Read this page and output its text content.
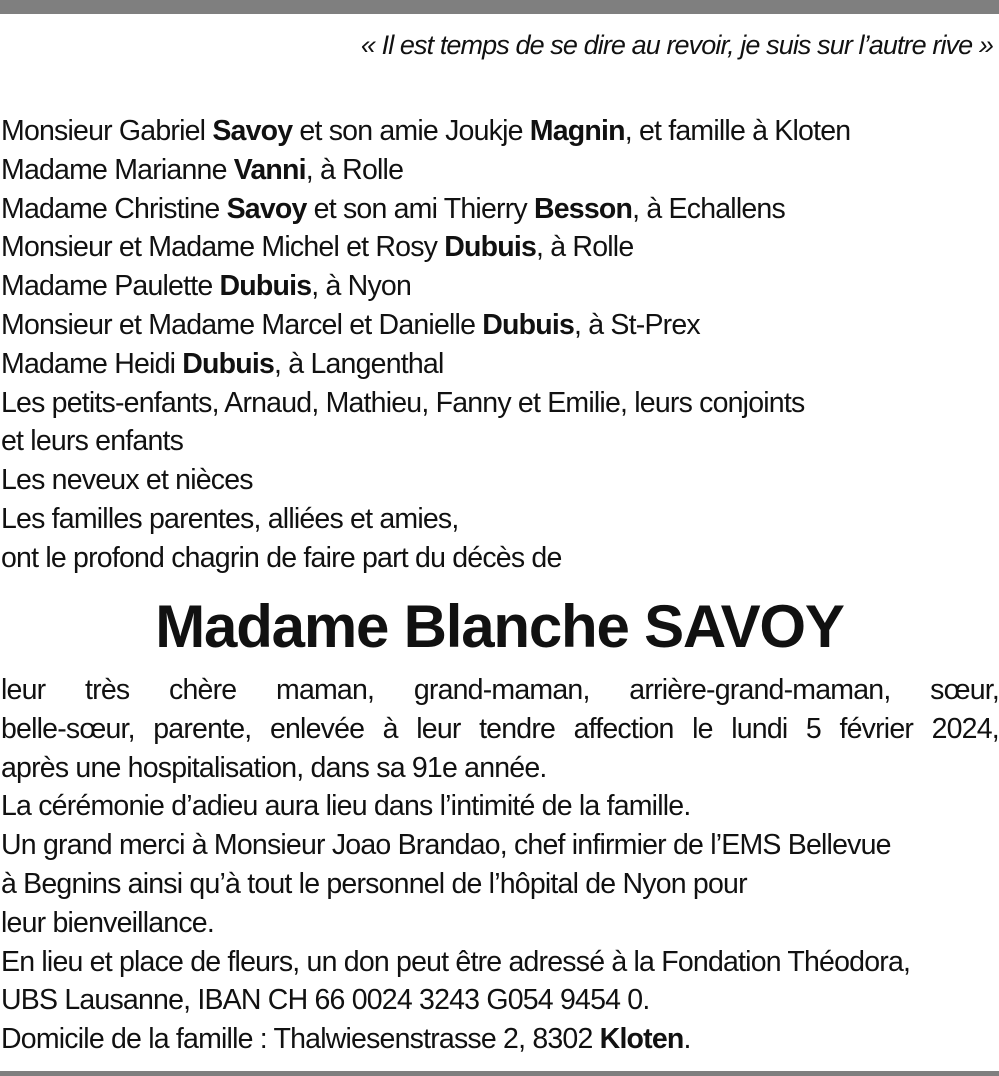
« Il est temps de se dire au revoir, je suis sur l’autre rive »
Monsieur Gabriel Savoy et son amie Joukje Magnin, et famille à Kloten
Madame Marianne Vanni, à Rolle
Madame Christine Savoy et son ami Thierry Besson, à Echallens
Monsieur et Madame Michel et Rosy Dubuis, à Rolle
Madame Paulette Dubuis, à Nyon
Monsieur et Madame Marcel et Danielle Dubuis, à St-Prex
Madame Heidi Dubuis, à Langenthal
Les petits-enfants, Arnaud, Mathieu, Fanny et Emilie, leurs conjoints
et leurs enfants
Les neveux et nièces
Les familles parentes, alliées et amies,
ont le profond chagrin de faire part du décès de
Madame Blanche SAVOY
leur très chère maman, grand-maman, arrière-grand-maman, sœur,
belle-sœur, parente, enlevée à leur tendre affection le lundi 5 février 2024,
après une hospitalisation, dans sa 91e année.
La cérémonie d’adieu aura lieu dans l’intimité de la famille.
Un grand merci à Monsieur Joao Brandao, chef infirmier de l’EMS Bellevue
à Begnins ainsi qu’à tout le personnel de l’hôpital de Nyon pour
leur bienveillance.
En lieu et place de fleurs, un don peut être adressé à la Fondation Théodora,
UBS Lausanne, IBAN CH 66 0024 3243 G054 9454 0.
Domicile de la famille : Thalwiesenstrasse 2, 8302 Kloten.
